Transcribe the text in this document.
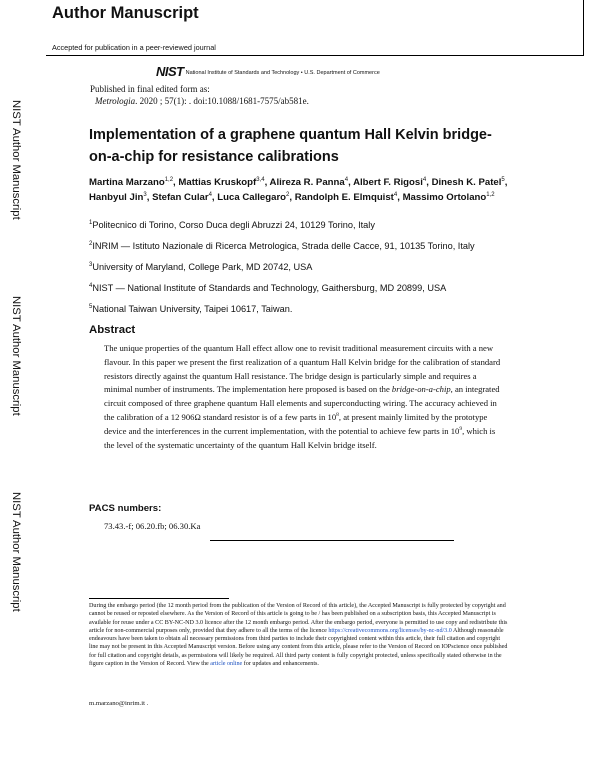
Author Manuscript
Accepted for publication in a peer-reviewed journal
NIST National Institute of Standards and Technology • U.S. Department of Commerce
NIST Author Manuscript
NIST Author Manuscript
NIST Author Manuscript
Published in final edited form as:
Metrologia. 2020 ; 57(1): . doi:10.1088/1681-7575/ab581e.
Implementation of a graphene quantum Hall Kelvin bridge-on-a-chip for resistance calibrations
Martina Marzano$^{1,2}$, Mattias Kruskopf$^{3,4}$, Alireza R. Panna$^4$, Albert F. Rigosi$^4$, Dinesh K. Patel$^5$, Hanbyul Jin$^3$, Stefan Cular$^4$, Luca Callegaro$^2$, Randolph E. Elmquist$^4$, Massimo Ortolano$^{1,2}$
$^1$Politecnico di Torino, Corso Duca degli Abruzzi 24, 10129 Torino, Italy
$^2$INRIM — Istituto Nazionale di Ricerca Metrologica, Strada delle Cacce, 91, 10135 Torino, Italy
$^3$University of Maryland, College Park, MD 20742, USA
$^4$NIST — National Institute of Standards and Technology, Gaithersburg, MD 20899, USA
$^5$National Taiwan University, Taipei 10617, Taiwan.
Abstract
The unique properties of the quantum Hall effect allow one to revisit traditional measurement circuits with a new flavour. In this paper we present the first realization of a quantum Hall Kelvin bridge for the calibration of standard resistors directly against the quantum Hall resistance. The bridge design is particularly simple and requires a minimal number of instruments. The implementation here proposed is based on the bridge-on-a-chip, an integrated circuit composed of three graphene quantum Hall elements and superconducting wiring. The accuracy achieved in the calibration of a 12 906Ω standard resistor is of a few parts in $10^8$, at present mainly limited by the prototype device and the interferences in the current implementation, with the potential to achieve few parts in $10^9$, which is the level of the systematic uncertainty of the quantum Hall Kelvin bridge itself.
PACS numbers:
73.43.-f; 06.20.fb; 06.30.Ka
During the embargo period (the 12 month period from the publication of the Version of Record of this article), the Accepted Manuscript is fully protected by copyright and cannot be reused or reposted elsewhere. As the Version of Record of this article is going to be / has been published on a subscription basis, this Accepted Manuscript is available for reuse under a CC BY-NC-ND 3.0 licence after the 12 month embargo period. After the embargo period, everyone is permitted to use copy and redistribute this article for non-commercial purposes only, provided that they adhere to all the terms of the licence https://creativecommons.org/licenses/by-nc-nd/3.0 Although reasonable endeavours have been taken to obtain all necessary permissions from third parties to include their copyrighted content within this article, their full citation and copyright line may not be present in this Accepted Manuscript version. Before using any content from this article, please refer to the Version of Record on IOPscience once published for full citation and copyright details, as permissions will likely be required. All third party content is fully copyright protected, unless specifically stated otherwise in the figure caption in the Version of Record. View the article online for updates and enhancements.
m.marzano@inrim.it .
